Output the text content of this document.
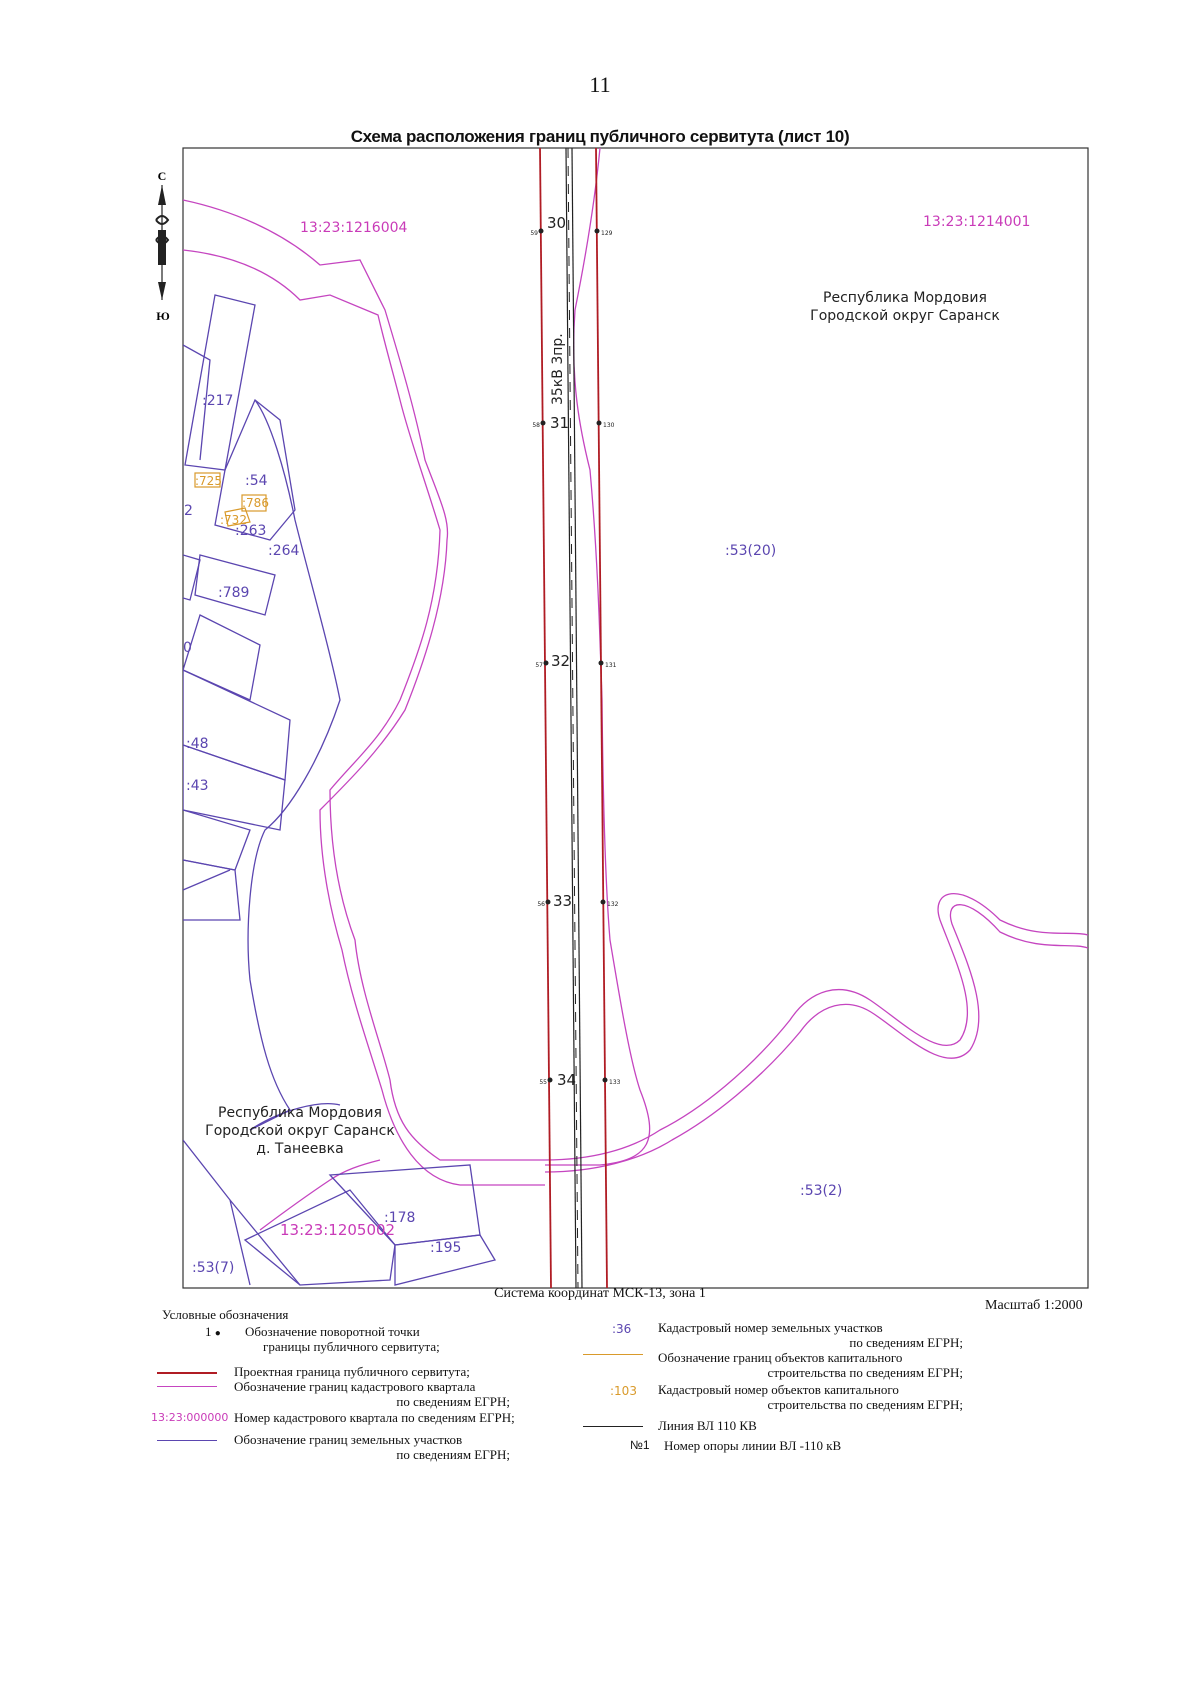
11
Схема расположения границ публичного сервитута (лист 10)
С
Ю
13:23:1216004	13:23:1214001
13:23:1205002
Республика Мордовия
Городской округ Саранск
Республика Мордовия
Городской округ Саранск
д. Танеевка
35кВ 3пр.
30
31
32
33
34
59	129
58	130
57	131
56	132
55	133
:217
:54
:263
:264
:789
:48
:43
2
0
:178
:195
:53(20)
:53(2)
:53(7)
:725
:786
:732
Система координат МСК-13, зона 1
Масштаб 1:2000
Условные обозначения
1 ● Обозначение поворотной точки
границы публичного сервитута;
Проектная граница публичного сервитута;
Обозначение границ кадастрового квартала
по сведениям ЕГРН;
13:23:000000 Номер кадастрового квартала по сведениям ЕГРН;
Обозначение границ земельных участков
по сведениям ЕГРН;
:36 Кадастровый номер земельных участков
по сведениям ЕГРН;
Обозначение границ объектов капитального
строительства по сведениям ЕГРН;
:103 Кадастровый номер объектов капитального
строительства по сведениям ЕГРН;
Линия ВЛ 110 КВ
№1 Номер опоры линии ВЛ -110 кВ
